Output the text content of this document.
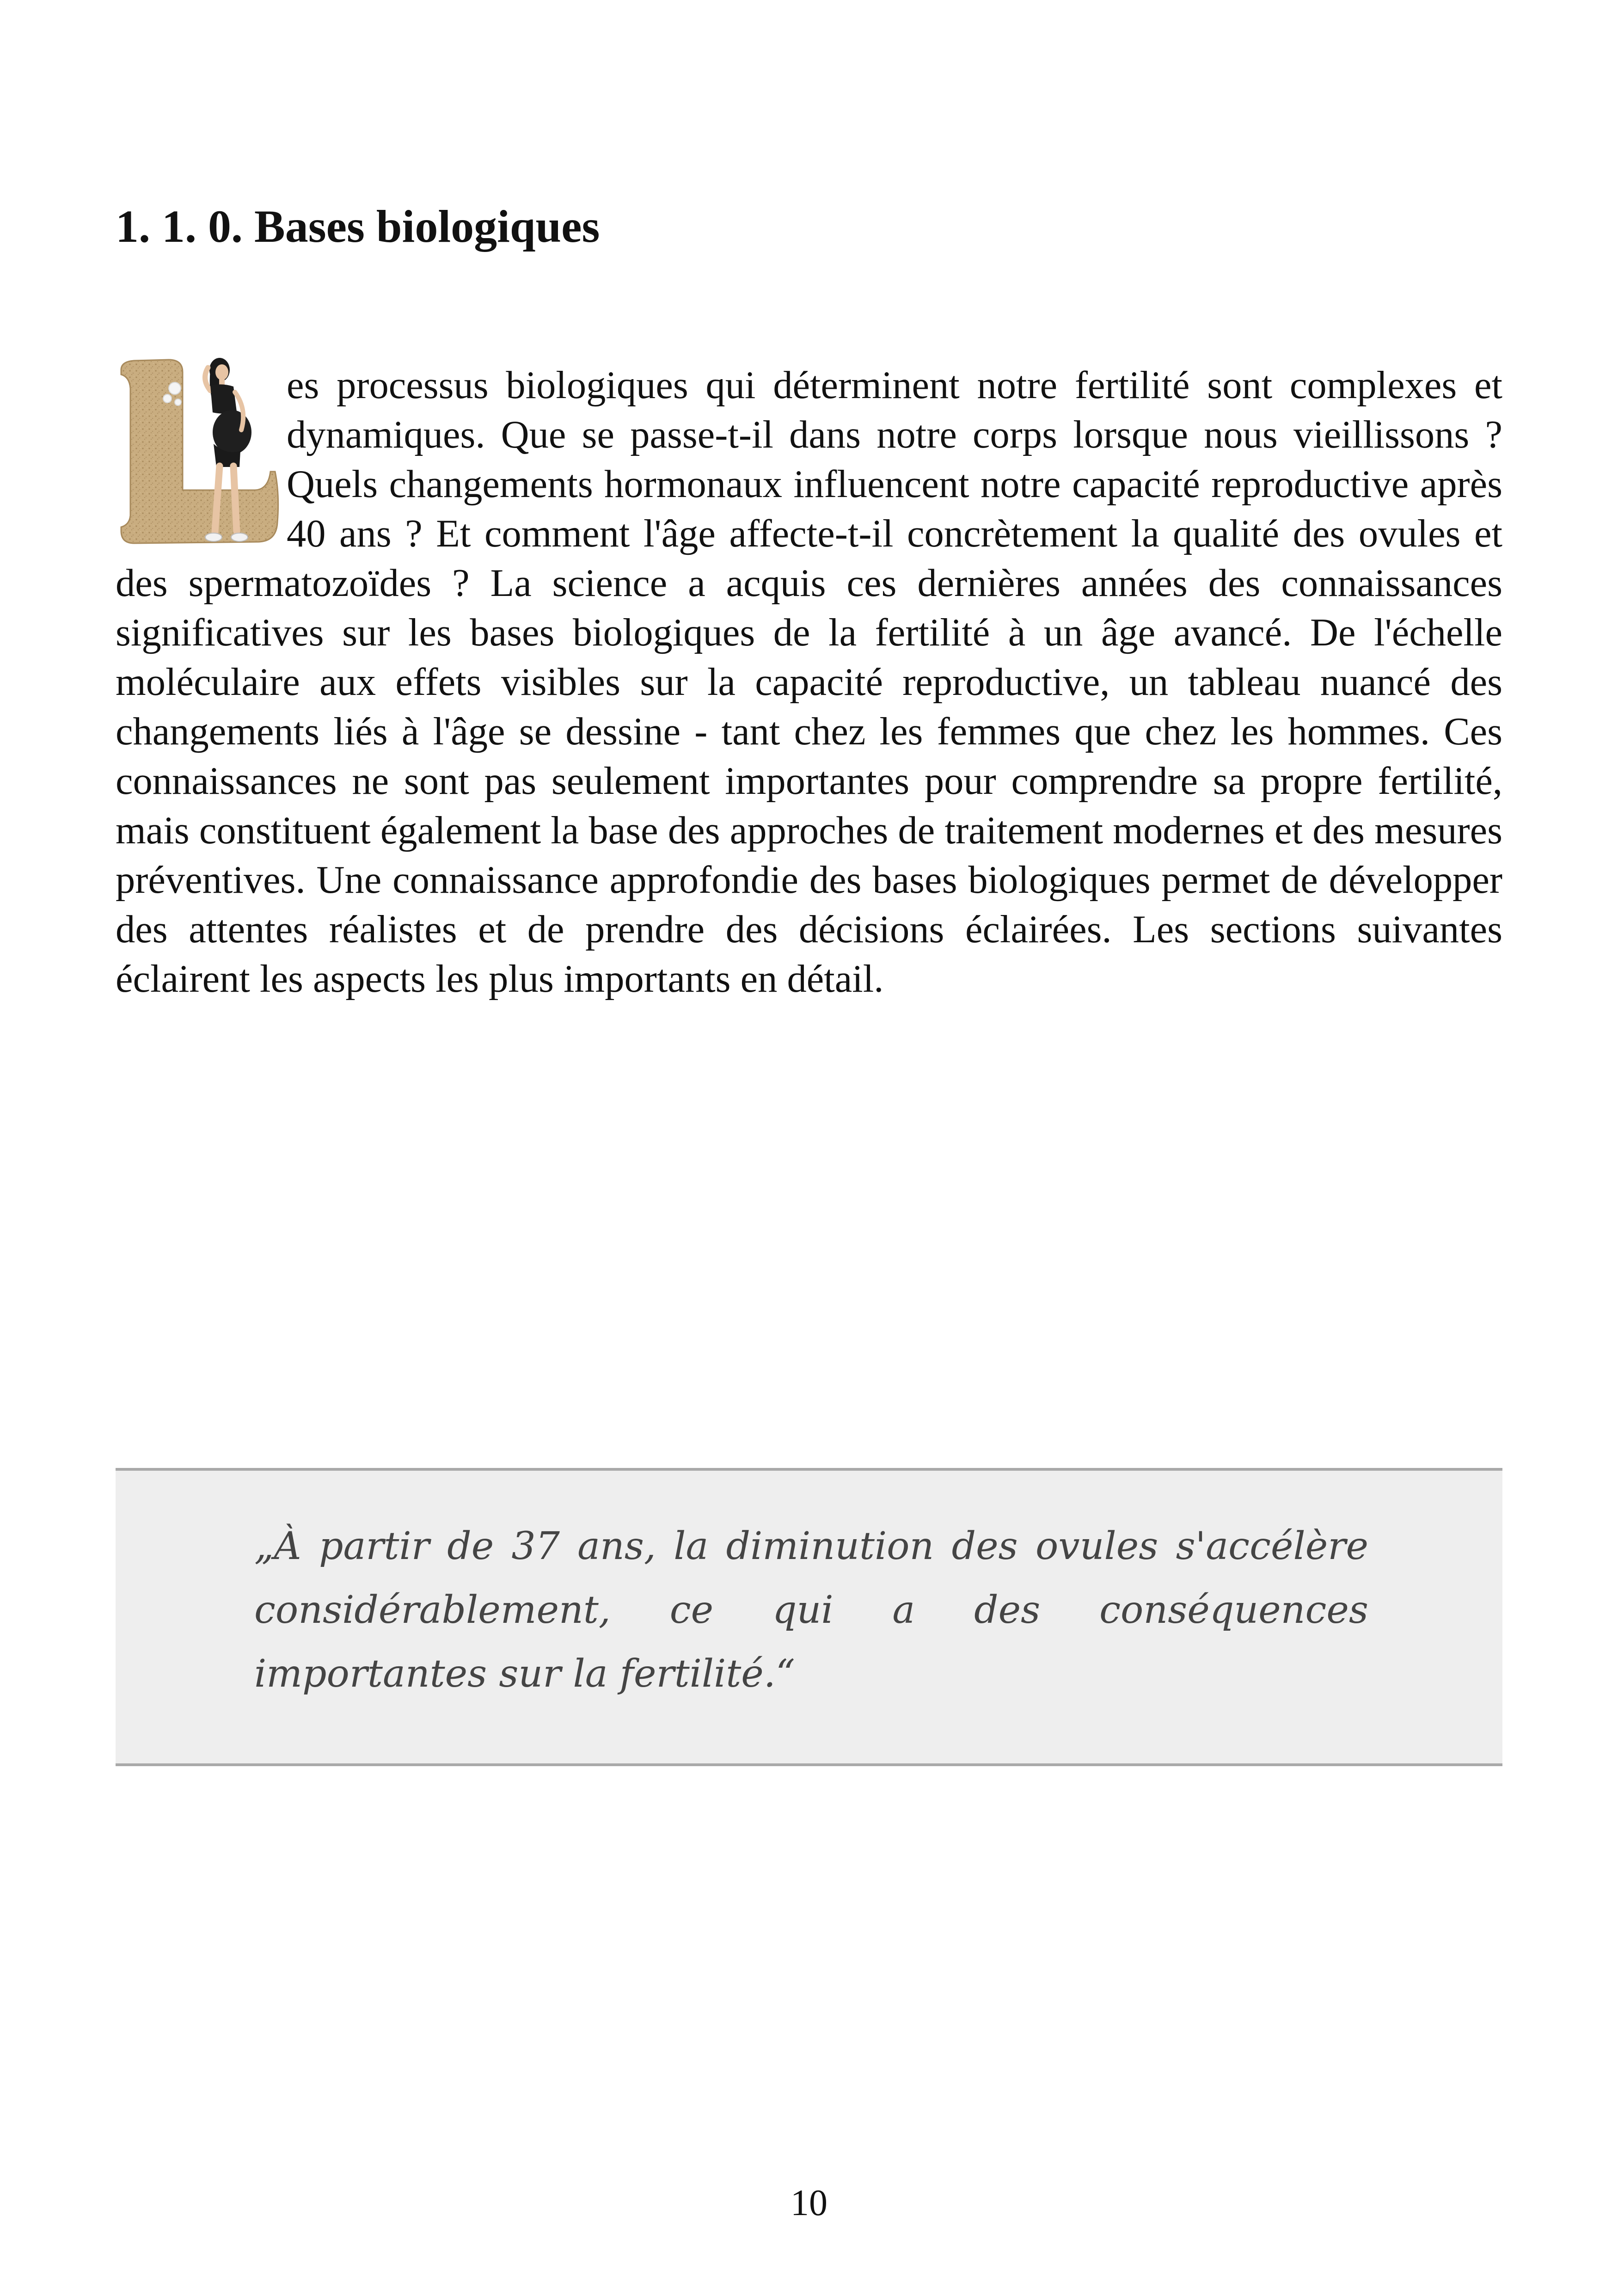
1. 1. 0. Bases biologiques

es processus biologiques qui déterminent notre fertilité sont complexes et dynamiques. Que se passe-t-il dans notre corps lorsque nous vieillissons ? Quels changements hormonaux influencent notre capacité reproductive après 40 ans ? Et comment l'âge affecte-t-il concrètement la qualité des ovules et des spermatozoïdes ? La science a acquis ces dernières années des connaissances significatives sur les bases biologiques de la fertilité à un âge avancé. De l'échelle moléculaire aux effets visibles sur la capacité reproductive, un tableau nuancé des changements liés à l'âge se dessine - tant chez les femmes que chez les hommes. Ces connaissances ne sont pas seulement importantes pour comprendre sa propre fertilité, mais constituent également la base des approches de traitement modernes et des mesures préventives. Une connaissance approfondie des bases biologiques permet de développer des attentes réalistes et de prendre des décisions éclairées. Les sections suivantes éclairent les aspects les plus importants en détail.

„À partir de 37 ans, la diminution des ovules s'accélère considérablement, ce qui a des conséquences importantes sur la fertilité.“

10
